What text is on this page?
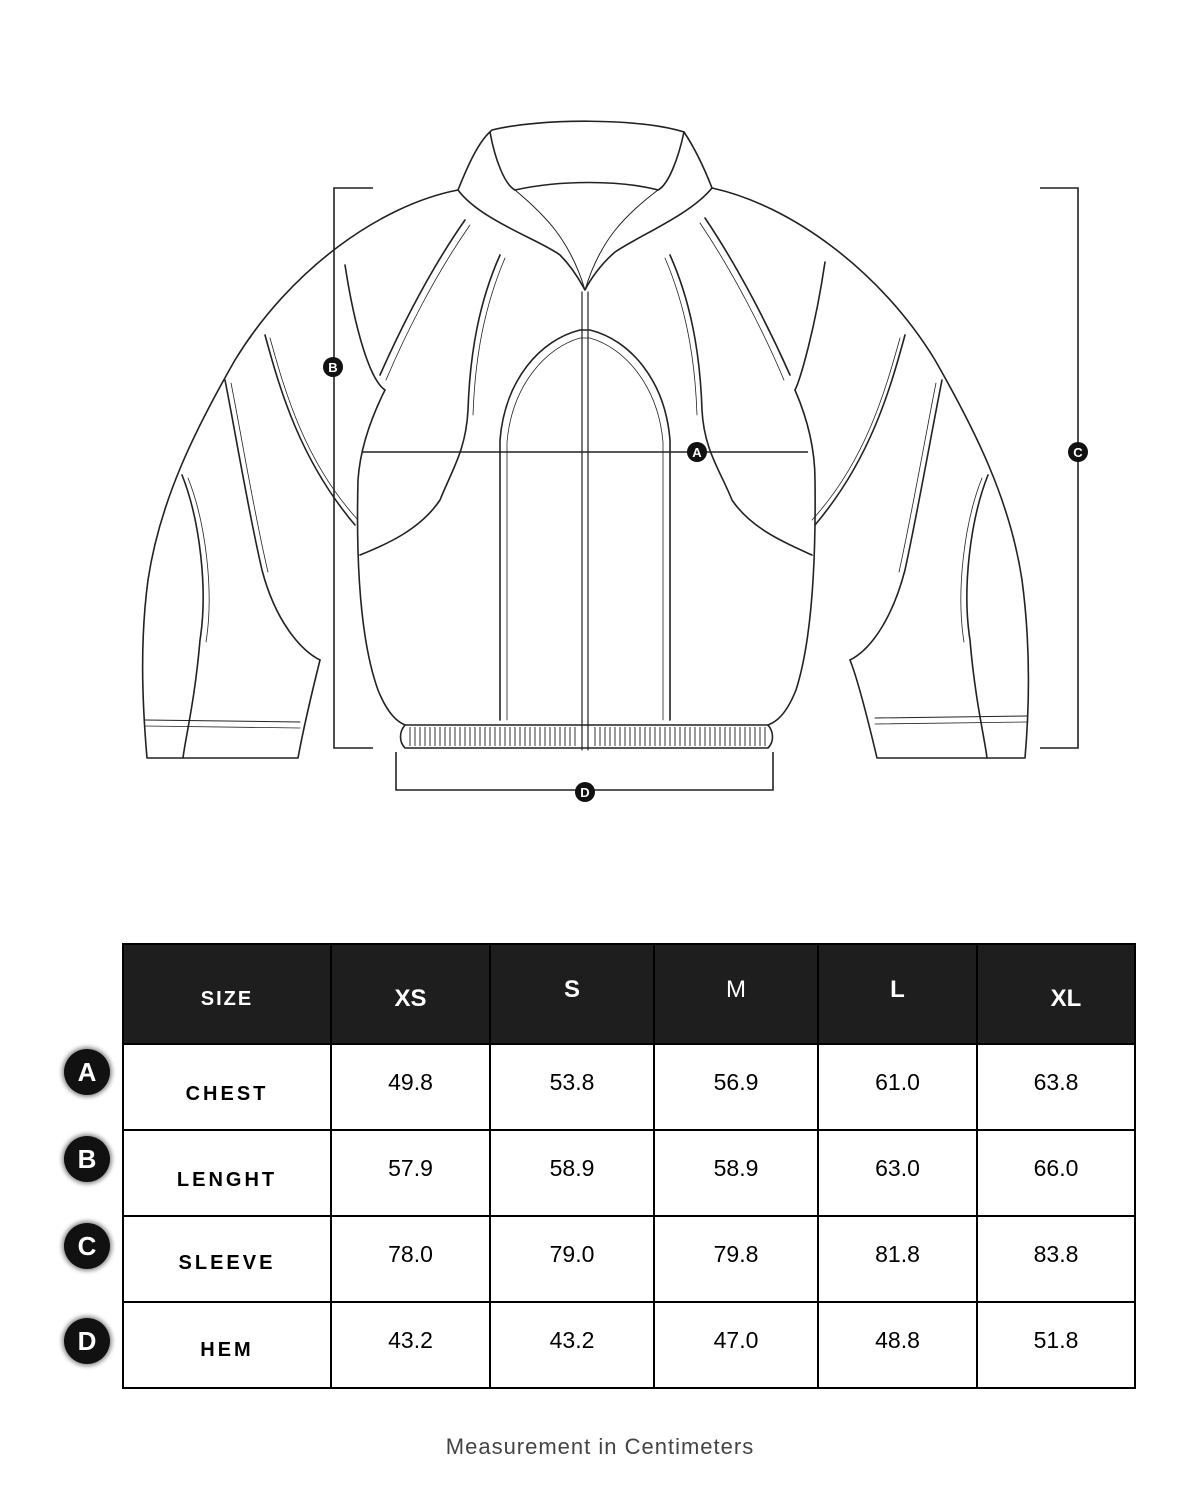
A
B
C
D
A
B
C
D
SIZE	XS	S	M	L	XL
CHEST	49.8	53.8	56.9	61.0	63.8
LENGHT	57.9	58.9	58.9	63.0	66.0
SLEEVE	78.0	79.0	79.8	81.8	83.8
HEM	43.2	43.2	47.0	48.8	51.8
Measurement in Centimeters
